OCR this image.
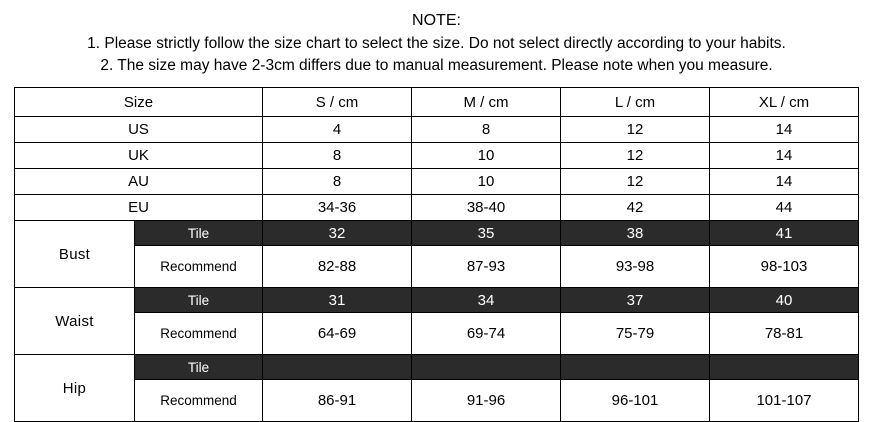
NOTE:
1. Please strictly follow the size chart to select the size. Do not select directly according to your habits.
2. The size may have 2-3cm differs due to manual measurement. Please note when you measure.
Size		S / cm	M / cm	L / cm	XL / cm
US		4	8	12	14
UK		8	10	12	14
AU		8	10	12	14
EU		34-36	38-40	42	44
Bust	Tile	32	35	38	41
	Recommend	82-88	87-93	93-98	98-103
Waist	Tile	31	34	37	40
	Recommend	64-69	69-74	75-79	78-81
Hip	Tile				
	Recommend	86-91	91-96	96-101	101-107
